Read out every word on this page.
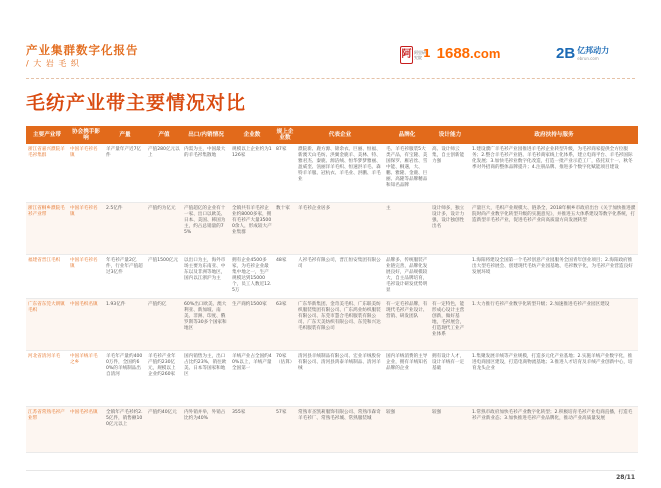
产业集群数字化报告
/ 大 岩 毛 织
阿 阿里研究院 1 1688.com	2B 亿邦动力
ebrun.com
毛纺产业带主要情况对比
主要产业带	协会携手影响	产量	产值	出口/内销情况	企业数	规上企业数	代表企业	品牌化	设计能力	政府扶持与服务
浙江省嘉兴濮院羊毛衫集群	中国羊毛衫名镇	羊产量年产近7亿件	产值280亿元以上	内需为主，中国最大的羊毛衫集散地	规模以上企业约为1126家	87家	濮院新、鹿方源、锦余衣、巨丽、恒福、新澳天山毛纺、洪翼金鹿羊、美林、特、雅君杰、秦鹿、源洁绒、恒华梦梦雅丽、盈威奎、瓴丽洋羊毛织、恒速洪羊毛、森特羊羊服、冠杭衣、羊毛业、洪鹏、羊毛业	毛、羊毛衫服装5大类产品，有宝隆、美国保罗、雁岩丝、雪中能、桐遇，大、鹏、雅隆、金鹿、巨丽、高隆等品牌精品和知名品牌	高、设计师云集，自主创新能力强	1.建设濮广羊毛衫产业园推进羊毛衫企业转型升级，为毛衫商家提供全方位服务；2.整合羊毛衫产业链、羊毛衫商家线上化体系，建立电商平台、羊毛衫国际化发展；3.加快毛衫业数字化改造，打造一批产业示范工厂，依托双十一、秋冬季对外招商的整体品牌提升；4.注册品牌、推进多个数字化赋能项目建设
浙江省桐乡濮院毛衫产业带	中国羊毛衫名镇	2.5亿件	产值约为亿元	产值超亿的企业有十一家、出口以欧美、日本、美国、韩国为主，约占总销量的75%	全镇共有羊毛衫企业约8000多家，拥有毛衫产大量35000余人，形成较大产业集群	数十家	羊毛衫企业居多	主	设计师多，独立设计多，设计力强，设计独创性出名	产量巨大，毛织产业规模大、链条全，2018年桐乡市政府出台《关于加快推进濮院时尚产业数字化转型升级的实施意见》，并推进五大体系建设等数字化系统，打造新型羊毛衫产业，促进毛衫产业向高质量方向发展转型
福建省晋江毛织	中国羊毛衫名镇	年毛衫产量2亿件，行业年产值超过3亿件	产值1500亿元	以出口为主，海外市场主要为东南亚、中东以及非洲等地区，国内以江浙沪为主	拥有企业4500多家，为毛衫企业最集中地之一，生产规模达到15000个，员工人数近12.5万	48家	人衫毛衫有限公司，晋江恒安集团有限公司	品牌多、传统服装产业链完善，品牌化发展良好，产品规模较大，自主品牌培育，毛衫设计研发优势明显		1.海阳将建设全国第一个毛衫创意产业园服务全国青年创业项目；2.海阳政府推出大型毛衫展会、创建现代毛纺产业园基地、毛衫数字化，为毛衫产业营造良好发展环境
广东省东莞大朗镇毛织	中国毛织名镇	1.93亿件	产值约亿	60%出口欧美、澳大利亚、新加坡、南美、非洲、印度、俄罗斯等30多个国家和地区	生产商约1500家	63家	广东华新集团、金奇美毛织、广东联美纺织服装集团有限公司、广东鸿业纺织服装有限公司、东莞市慧合毛织服装有限公司、广东天美纺织有限公司、东莞和兴达毛织服装有限公司	有一定毛衫品牌，有现代毛衫产业设计、营销、研发团队	有一定特色，能形成心设计主营创新，做好基地，毛衫展会，打造现代工业产业体系	1.大力推行毛衫产业数字化转型升级；2.加速推进毛衫产业园区建设
河北省清河羊毛	中国羊绒羊毛之乡	羊毛年产量约4000万件，全国约60%的羊绒制品出自清河	羊毛衫产业年产值约230亿元，规模以上企业约260家	国内销售为主，出口占比约23%，销往欧美、日本等国家和地区	羊绒产业占全国约40%以上，羊绒产量全国第一	70家（估算）	清河县羊绒制品有限公司、宏业羊绒股份有限公司、清河县鸿泰羊绒制品、清河羊绒	国内羊绒消费的主导企业，拥有羊绒知名品牌的企业	拥有设计人才，设计羊绒有一定基础	1.集聚发展羊绒等产业规模，打造多元化产业基地；2.实施羊绒产业数字化，推进电商园区建设，打造电商物流基地；3.推进人才培育及羊绒产业创新中心，培育龙头企业
江苏省常熟毛衫产业带	中国毛衫名镇	全镇年产毛衫约2.5亿件，销售额100亿元以上	产值约40亿元	内外销并举，外销占比约为40%	355家	57家	常熟市圣凯莉服饰有限公司、常熟市森奇羊毛衫厂、常熟毛衫城、常熟服装城	较强	较强	1.常熟市政府加快毛衫产业数字化转型；2.积极培育毛衫产业电商直播，打造毛衫产业新业态；3.加快推进毛衫产业品牌化，推动产业高质量发展
28/11
